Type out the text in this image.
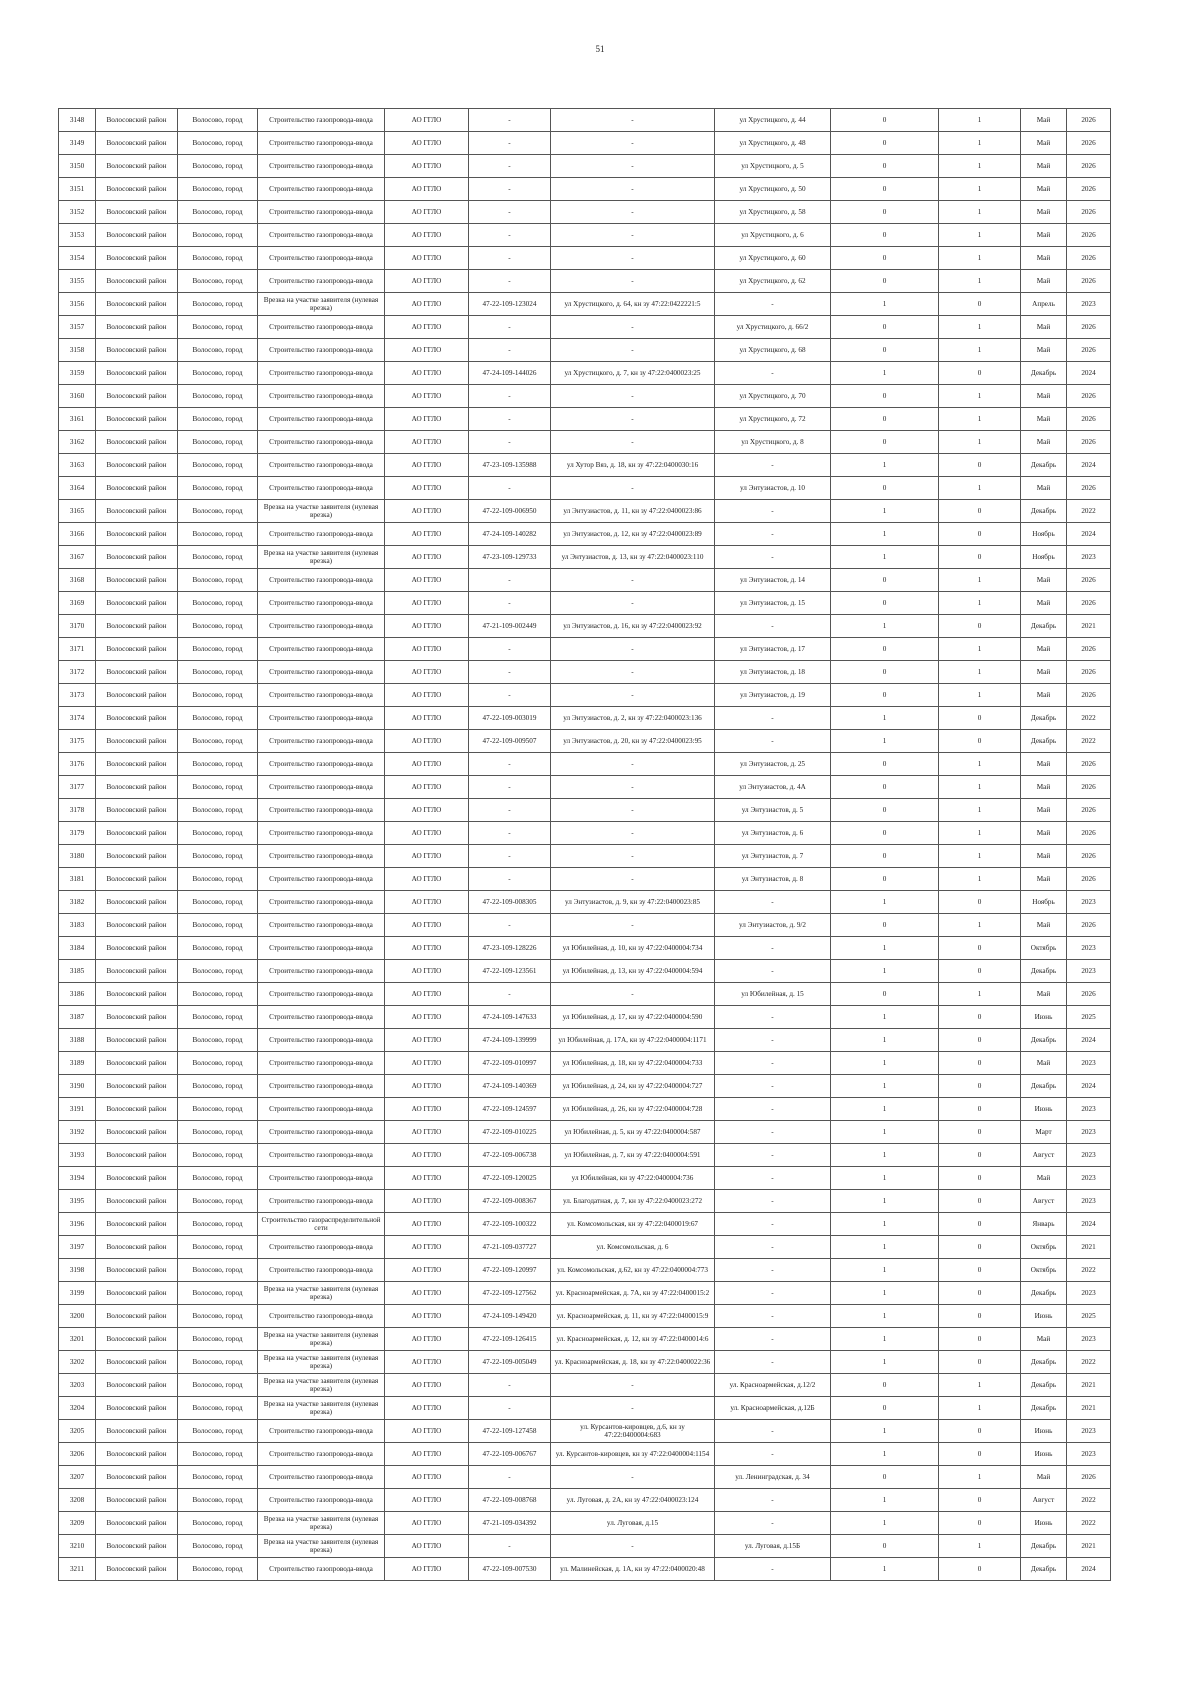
51
3148	Волосовский район	Волосово, город	Строительство газопровода-ввода	АО ГГЛО	-	-	ул Хрустицкого, д. 44	0	1	Май	2026
3149	Волосовский район	Волосово, город	Строительство газопровода-ввода	АО ГГЛО	-	-	ул Хрустицкого, д. 48	0	1	Май	2026
3150	Волосовский район	Волосово, город	Строительство газопровода-ввода	АО ГГЛО	-	-	ул Хрустицкого, д. 5	0	1	Май	2026
3151	Волосовский район	Волосово, город	Строительство газопровода-ввода	АО ГГЛО	-	-	ул Хрустицкого, д. 50	0	1	Май	2026
3152	Волосовский район	Волосово, город	Строительство газопровода-ввода	АО ГГЛО	-	-	ул Хрустицкого, д. 58	0	1	Май	2026
3153	Волосовский район	Волосово, город	Строительство газопровода-ввода	АО ГГЛО	-	-	ул Хрустицкого, д. 6	0	1	Май	2026
3154	Волосовский район	Волосово, город	Строительство газопровода-ввода	АО ГГЛО	-	-	ул Хрустицкого, д. 60	0	1	Май	2026
3155	Волосовский район	Волосово, город	Строительство газопровода-ввода	АО ГГЛО	-	-	ул Хрустицкого, д. 62	0	1	Май	2026
3156	Волосовский район	Волосово, город	Врезка на участке заявителя (нулевая врезка)	АО ГГЛО	47-22-109-123024	ул Хрустицкого, д. 64, кн зу 47:22:0422221:5	-	1	0	Апрель	2023
3157	Волосовский район	Волосово, город	Строительство газопровода-ввода	АО ГГЛО	-	-	ул Хрустицкого, д. 66/2	0	1	Май	2026
3158	Волосовский район	Волосово, город	Строительство газопровода-ввода	АО ГГЛО	-	-	ул Хрустицкого, д. 68	0	1	Май	2026
3159	Волосовский район	Волосово, город	Строительство газопровода-ввода	АО ГГЛО	47-24-109-144026	ул Хрустицкого, д. 7, кн зу 47:22:0400023:25	-	1	0	Декабрь	2024
3160	Волосовский район	Волосово, город	Строительство газопровода-ввода	АО ГГЛО	-	-	ул Хрустицкого, д. 70	0	1	Май	2026
3161	Волосовский район	Волосово, город	Строительство газопровода-ввода	АО ГГЛО	-	-	ул Хрустицкого, д. 72	0	1	Май	2026
3162	Волосовский район	Волосово, город	Строительство газопровода-ввода	АО ГГЛО	-	-	ул Хрустицкого, д. 8	0	1	Май	2026
3163	Волосовский район	Волосово, город	Строительство газопровода-ввода	АО ГГЛО	47-23-109-135988	ул Хутор Вяз, д. 18, кн зу 47:22:0400030:16	-	1	0	Декабрь	2024
3164	Волосовский район	Волосово, город	Строительство газопровода-ввода	АО ГГЛО	-	-	ул Энтузиастов, д. 10	0	1	Май	2026
3165	Волосовский район	Волосово, город	Врезка на участке заявителя (нулевая врезка)	АО ГГЛО	47-22-109-006950	ул Энтузиастов, д. 11, кн зу 47:22:0400023:86	-	1	0	Декабрь	2022
3166	Волосовский район	Волосово, город	Строительство газопровода-ввода	АО ГГЛО	47-24-109-140282	ул Энтузиастов, д. 12, кн зу 47:22:0400023:89	-	1	0	Ноябрь	2024
3167	Волосовский район	Волосово, город	Врезка на участке заявителя (нулевая врезка)	АО ГГЛО	47-23-109-129733	ул Энтузиастов, д. 13, кн зу 47:22:0400023:110	-	1	0	Ноябрь	2023
3168	Волосовский район	Волосово, город	Строительство газопровода-ввода	АО ГГЛО	-	-	ул Энтузиастов, д. 14	0	1	Май	2026
3169	Волосовский район	Волосово, город	Строительство газопровода-ввода	АО ГГЛО	-	-	ул Энтузиастов, д. 15	0	1	Май	2026
3170	Волосовский район	Волосово, город	Строительство газопровода-ввода	АО ГГЛО	47-21-109-002449	ул Энтузиастов, д. 16, кн зу 47:22:0400023:92	-	1	0	Декабрь	2021
3171	Волосовский район	Волосово, город	Строительство газопровода-ввода	АО ГГЛО	-	-	ул Энтузиастов, д. 17	0	1	Май	2026
3172	Волосовский район	Волосово, город	Строительство газопровода-ввода	АО ГГЛО	-	-	ул Энтузиастов, д. 18	0	1	Май	2026
3173	Волосовский район	Волосово, город	Строительство газопровода-ввода	АО ГГЛО	-	-	ул Энтузиастов, д. 19	0	1	Май	2026
3174	Волосовский район	Волосово, город	Строительство газопровода-ввода	АО ГГЛО	47-22-109-003019	ул Энтузиастов, д. 2, кн зу 47:22:0400023:136	-	1	0	Декабрь	2022
3175	Волосовский район	Волосово, город	Строительство газопровода-ввода	АО ГГЛО	47-22-109-009507	ул Энтузиастов, д. 20, кн зу 47:22:0400023:95	-	1	0	Декабрь	2022
3176	Волосовский район	Волосово, город	Строительство газопровода-ввода	АО ГГЛО	-	-	ул Энтузиастов, д. 25	0	1	Май	2026
3177	Волосовский район	Волосово, город	Строительство газопровода-ввода	АО ГГЛО	-	-	ул Энтузиастов, д. 4А	0	1	Май	2026
3178	Волосовский район	Волосово, город	Строительство газопровода-ввода	АО ГГЛО	-	-	ул Энтузиастов, д. 5	0	1	Май	2026
3179	Волосовский район	Волосово, город	Строительство газопровода-ввода	АО ГГЛО	-	-	ул Энтузиастов, д. 6	0	1	Май	2026
3180	Волосовский район	Волосово, город	Строительство газопровода-ввода	АО ГГЛО	-	-	ул Энтузиастов, д. 7	0	1	Май	2026
3181	Волосовский район	Волосово, город	Строительство газопровода-ввода	АО ГГЛО	-	-	ул Энтузиастов, д. 8	0	1	Май	2026
3182	Волосовский район	Волосово, город	Строительство газопровода-ввода	АО ГГЛО	47-22-109-008305	ул Энтузиастов, д. 9, кн зу 47:22:0400023:85	-	1	0	Ноябрь	2023
3183	Волосовский район	Волосово, город	Строительство газопровода-ввода	АО ГГЛО	-	-	ул Энтузиастов, д. 9/2	0	1	Май	2026
3184	Волосовский район	Волосово, город	Строительство газопровода-ввода	АО ГГЛО	47-23-109-128226	ул Юбилейная, д. 10, кн зу 47:22:0400004:734	-	1	0	Октябрь	2023
3185	Волосовский район	Волосово, город	Строительство газопровода-ввода	АО ГГЛО	47-22-109-123561	ул Юбилейная, д. 13, кн зу 47:22:0400004:594	-	1	0	Декабрь	2023
3186	Волосовский район	Волосово, город	Строительство газопровода-ввода	АО ГГЛО	-	-	ул Юбилейная, д. 15	0	1	Май	2026
3187	Волосовский район	Волосово, город	Строительство газопровода-ввода	АО ГГЛО	47-24-109-147633	ул Юбилейная, д. 17, кн зу 47:22:0400004:590	-	1	0	Июнь	2025
3188	Волосовский район	Волосово, город	Строительство газопровода-ввода	АО ГГЛО	47-24-109-139999	ул Юбилейная, д. 17А, кн зу 47:22:0400004:1171	-	1	0	Декабрь	2024
3189	Волосовский район	Волосово, город	Строительство газопровода-ввода	АО ГГЛО	47-22-109-010997	ул Юбилейная, д. 18, кн зу 47:22:0400004:733	-	1	0	Май	2023
3190	Волосовский район	Волосово, город	Строительство газопровода-ввода	АО ГГЛО	47-24-109-140369	ул Юбилейная, д. 24, кн зу 47:22:0400004:727	-	1	0	Декабрь	2024
3191	Волосовский район	Волосово, город	Строительство газопровода-ввода	АО ГГЛО	47-22-109-124597	ул Юбилейная, д. 26, кн зу 47:22:0400004:728	-	1	0	Июнь	2023
3192	Волосовский район	Волосово, город	Строительство газопровода-ввода	АО ГГЛО	47-22-109-010225	ул Юбилейная, д. 5, кн зу 47:22:0400004:587	-	1	0	Март	2023
3193	Волосовский район	Волосово, город	Строительство газопровода-ввода	АО ГГЛО	47-22-109-006738	ул Юбилейная, д. 7, кн зу 47:22:0400004:591	-	1	0	Август	2023
3194	Волосовский район	Волосово, город	Строительство газопровода-ввода	АО ГГЛО	47-22-109-120025	ул Юбилейная, кн зу 47:22:0400004:736	-	1	0	Май	2023
3195	Волосовский район	Волосово, город	Строительство газопровода-ввода	АО ГГЛО	47-22-109-008367	ул. Благодатная, д. 7, кн зу 47:22:0400023:272	-	1	0	Август	2023
3196	Волосовский район	Волосово, город	Строительство газораспределительной сети	АО ГГЛО	47-22-109-100322	ул. Комсомольская, кн зу 47:22:0400019:67	-	1	0	Январь	2024
3197	Волосовский район	Волосово, город	Строительство газопровода-ввода	АО ГГЛО	47-21-109-037727	ул. Комсомольская, д. 6	-	1	0	Октябрь	2021
3198	Волосовский район	Волосово, город	Строительство газопровода-ввода	АО ГГЛО	47-22-109-120997	ул. Комсомольская, д.62, кн зу 47:22:0400004:773	-	1	0	Октябрь	2022
3199	Волосовский район	Волосово, город	Врезка на участке заявителя (нулевая врезка)	АО ГГЛО	47-22-109-127562	ул. Красноармейская, д. 7А, кн зу 47:22:0400015:2	-	1	0	Декабрь	2023
3200	Волосовский район	Волосово, город	Строительство газопровода-ввода	АО ГГЛО	47-24-109-149420	ул. Красноармейская, д. 11, кн зу 47:22:0400015:9	-	1	0	Июнь	2025
3201	Волосовский район	Волосово, город	Врезка на участке заявителя (нулевая врезка)	АО ГГЛО	47-22-109-126415	ул. Красноармейская, д. 12, кн зу 47:22:0400014:6	-	1	0	Май	2023
3202	Волосовский район	Волосово, город	Врезка на участке заявителя (нулевая врезка)	АО ГГЛО	47-22-109-005049	ул. Красноармейская, д. 18, кн зу 47:22:0400022:36	-	1	0	Декабрь	2022
3203	Волосовский район	Волосово, город	Врезка на участке заявителя (нулевая врезка)	АО ГГЛО	-	-	ул. Красноармейская, д.12/2	0	1	Декабрь	2021
3204	Волосовский район	Волосово, город	Врезка на участке заявителя (нулевая врезка)	АО ГГЛО	-	-	ул. Красноармейская, д.12Б	0	1	Декабрь	2021
3205	Волосовский район	Волосово, город	Строительство газопровода-ввода	АО ГГЛО	47-22-109-127458	ул. Курсантов-кировцев, д.6, кн зу 47:22:0400004:683	-	1	0	Июнь	2023
3206	Волосовский район	Волосово, город	Строительство газопровода-ввода	АО ГГЛО	47-22-109-006767	ул. Курсантов-кировцев, кн зу 47:22:0400004:1154	-	1	0	Июнь	2023
3207	Волосовский район	Волосово, город	Строительство газопровода-ввода	АО ГГЛО	-	-	ул. Ленинградская, д. 34	0	1	Май	2026
3208	Волосовский район	Волосово, город	Строительство газопровода-ввода	АО ГГЛО	47-22-109-008768	ул. Луговая, д. 2А, кн зу 47:22:0400023:124	-	1	0	Август	2022
3209	Волосовский район	Волосово, город	Врезка на участке заявителя (нулевая врезка)	АО ГГЛО	47-21-109-034392	ул. Луговая, д.15	-	1	0	Июнь	2022
3210	Волосовский район	Волосово, город	Врезка на участке заявителя (нулевая врезка)	АО ГГЛО	-	-	ул. Луговая, д.15Б	0	1	Декабрь	2021
3211	Волосовский район	Волосово, город	Строительство газопровода-ввода	АО ГГЛО	47-22-109-007530	ул. Малинейская, д. 1А, кн зу 47:22:0400020:48	-	1	0	Декабрь	2024
